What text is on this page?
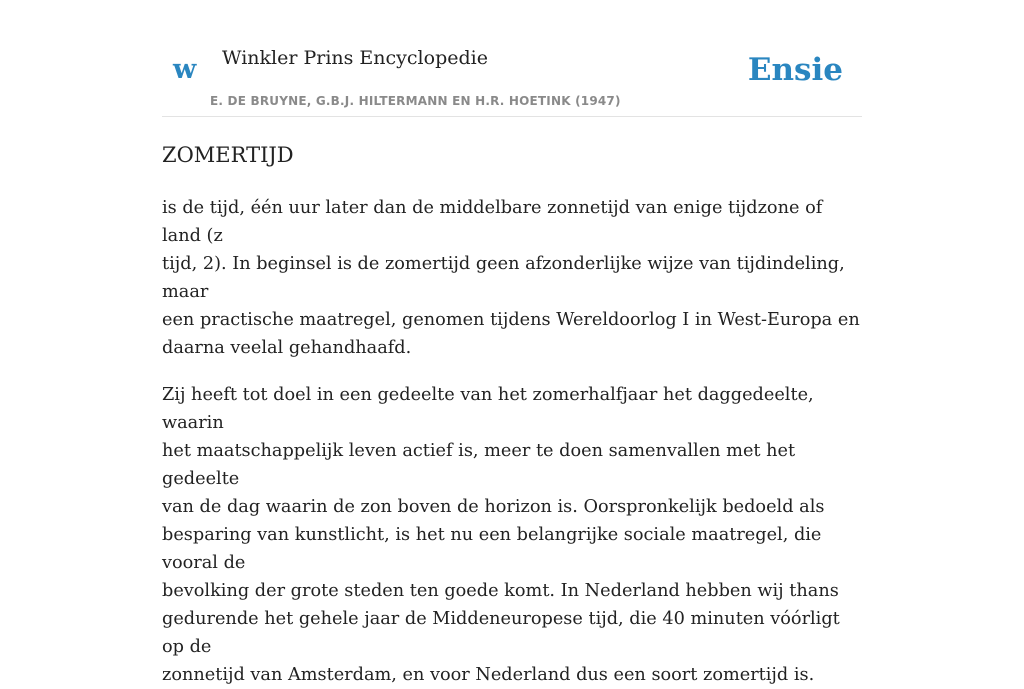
w Winkler Prins Encyclopedie
E. DE BRUYNE, G.B.J. HILTERMANN EN H.R. HOETINK (1947)
Ensie
ZOMERTIJD

is de tijd, één uur later dan de middelbare zonnetijd van enige tijdzone of land (z
tijd, 2). In beginsel is de zomertijd geen afzonderlijke wijze van tijdindeling, maar
een practische maatregel, genomen tijdens Wereldoorlog I in West-Europa en
daarna veelal gehandhaafd.

Zij heeft tot doel in een gedeelte van het zomerhalfjaar het daggedeelte, waarin
het maatschappelijk leven actief is, meer te doen samenvallen met het gedeelte
van de dag waarin de zon boven de horizon is. Oorspronkelijk bedoeld als
besparing van kunstlicht, is het nu een belangrijke sociale maatregel, die vooral de
bevolking der grote steden ten goede komt. In Nederland hebben wij thans
gedurende het gehele jaar de Middeneuropese tijd, die 40 minuten vóórligt op de
zonnetijd van Amsterdam, en voor Nederland dus een soort zomertijd is.
